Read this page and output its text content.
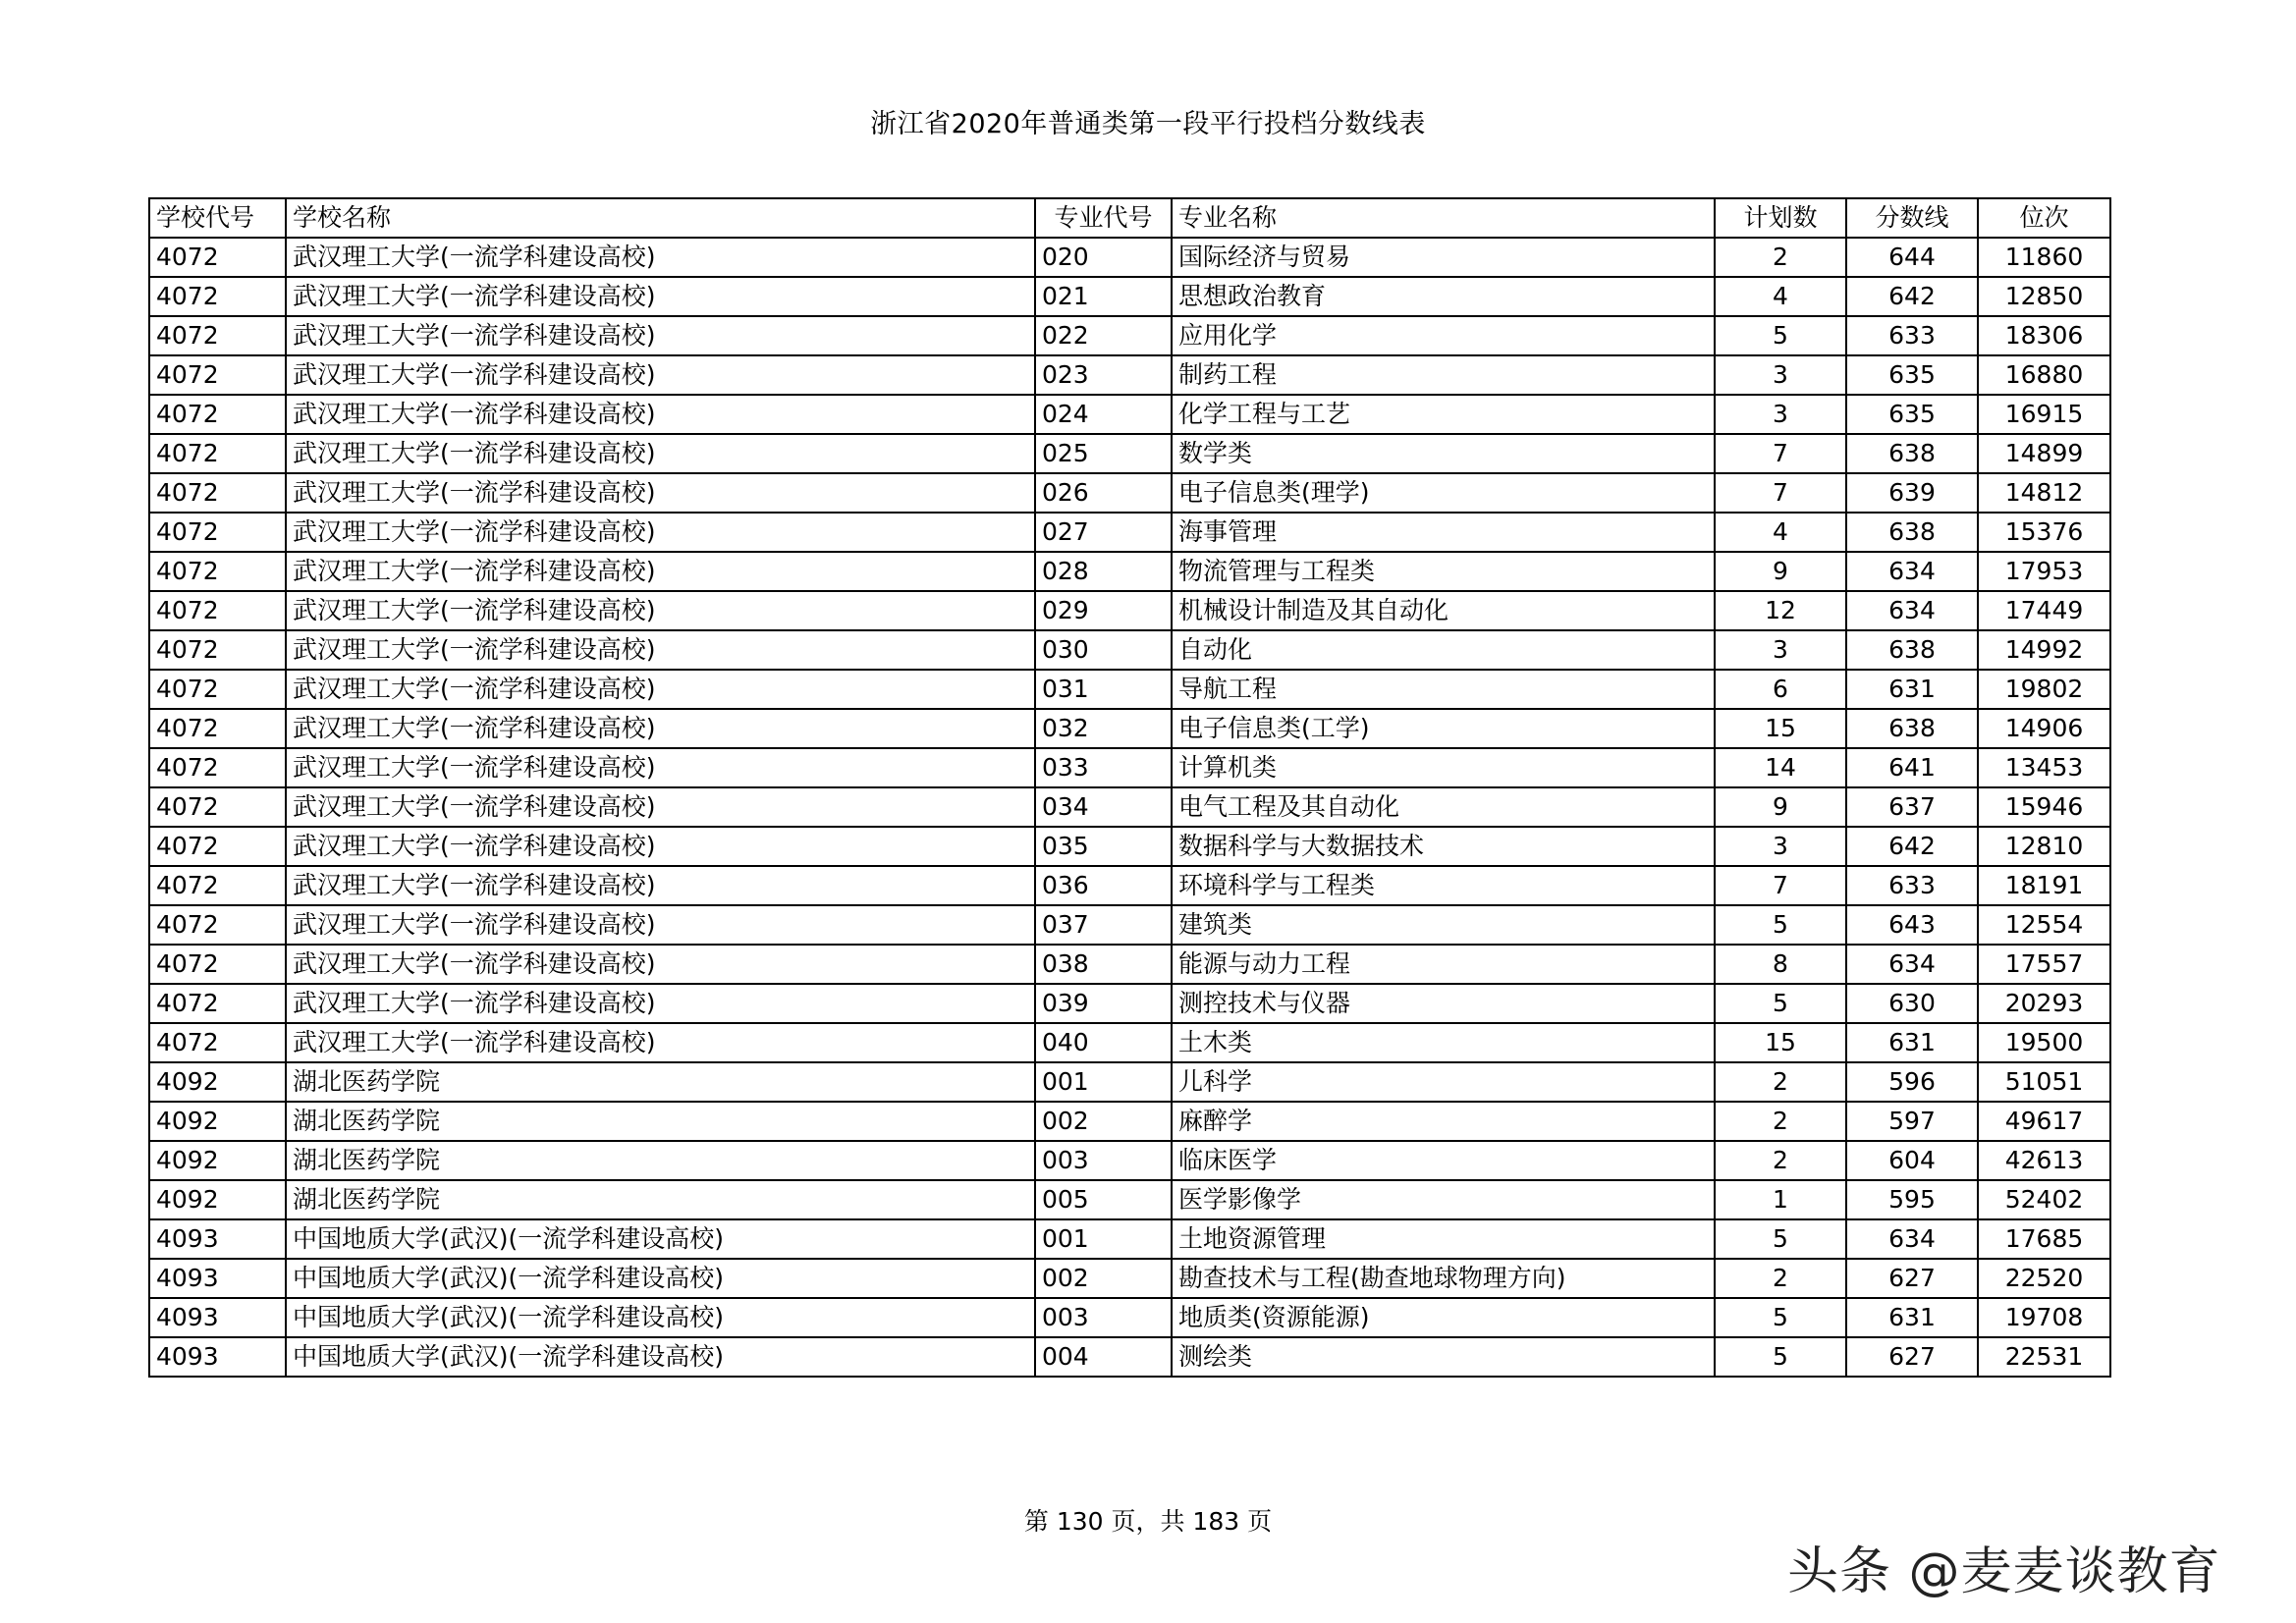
浙江省2020年普通类第一段平行投档分数线表
学校代号	学校名称	专业代号	专业名称	计划数	分数线	位次
4072	武汉理工大学(一流学科建设高校)	020	国际经济与贸易	2	644	11860
4072	武汉理工大学(一流学科建设高校)	021	思想政治教育	4	642	12850
4072	武汉理工大学(一流学科建设高校)	022	应用化学	5	633	18306
4072	武汉理工大学(一流学科建设高校)	023	制药工程	3	635	16880
4072	武汉理工大学(一流学科建设高校)	024	化学工程与工艺	3	635	16915
4072	武汉理工大学(一流学科建设高校)	025	数学类	7	638	14899
4072	武汉理工大学(一流学科建设高校)	026	电子信息类(理学)	7	639	14812
4072	武汉理工大学(一流学科建设高校)	027	海事管理	4	638	15376
4072	武汉理工大学(一流学科建设高校)	028	物流管理与工程类	9	634	17953
4072	武汉理工大学(一流学科建设高校)	029	机械设计制造及其自动化	12	634	17449
4072	武汉理工大学(一流学科建设高校)	030	自动化	3	638	14992
4072	武汉理工大学(一流学科建设高校)	031	导航工程	6	631	19802
4072	武汉理工大学(一流学科建设高校)	032	电子信息类(工学)	15	638	14906
4072	武汉理工大学(一流学科建设高校)	033	计算机类	14	641	13453
4072	武汉理工大学(一流学科建设高校)	034	电气工程及其自动化	9	637	15946
4072	武汉理工大学(一流学科建设高校)	035	数据科学与大数据技术	3	642	12810
4072	武汉理工大学(一流学科建设高校)	036	环境科学与工程类	7	633	18191
4072	武汉理工大学(一流学科建设高校)	037	建筑类	5	643	12554
4072	武汉理工大学(一流学科建设高校)	038	能源与动力工程	8	634	17557
4072	武汉理工大学(一流学科建设高校)	039	测控技术与仪器	5	630	20293
4072	武汉理工大学(一流学科建设高校)	040	土木类	15	631	19500
4092	湖北医药学院	001	儿科学	2	596	51051
4092	湖北医药学院	002	麻醉学	2	597	49617
4092	湖北医药学院	003	临床医学	2	604	42613
4092	湖北医药学院	005	医学影像学	1	595	52402
4093	中国地质大学(武汉)(一流学科建设高校)	001	土地资源管理	5	634	17685
4093	中国地质大学(武汉)(一流学科建设高校)	002	勘查技术与工程(勘查地球物理方向)	2	627	22520
4093	中国地质大学(武汉)(一流学科建设高校)	003	地质类(资源能源)	5	631	19708
4093	中国地质大学(武汉)(一流学科建设高校)	004	测绘类	5	627	22531
第 130 页，共 183 页
头条 @麦麦谈教育
